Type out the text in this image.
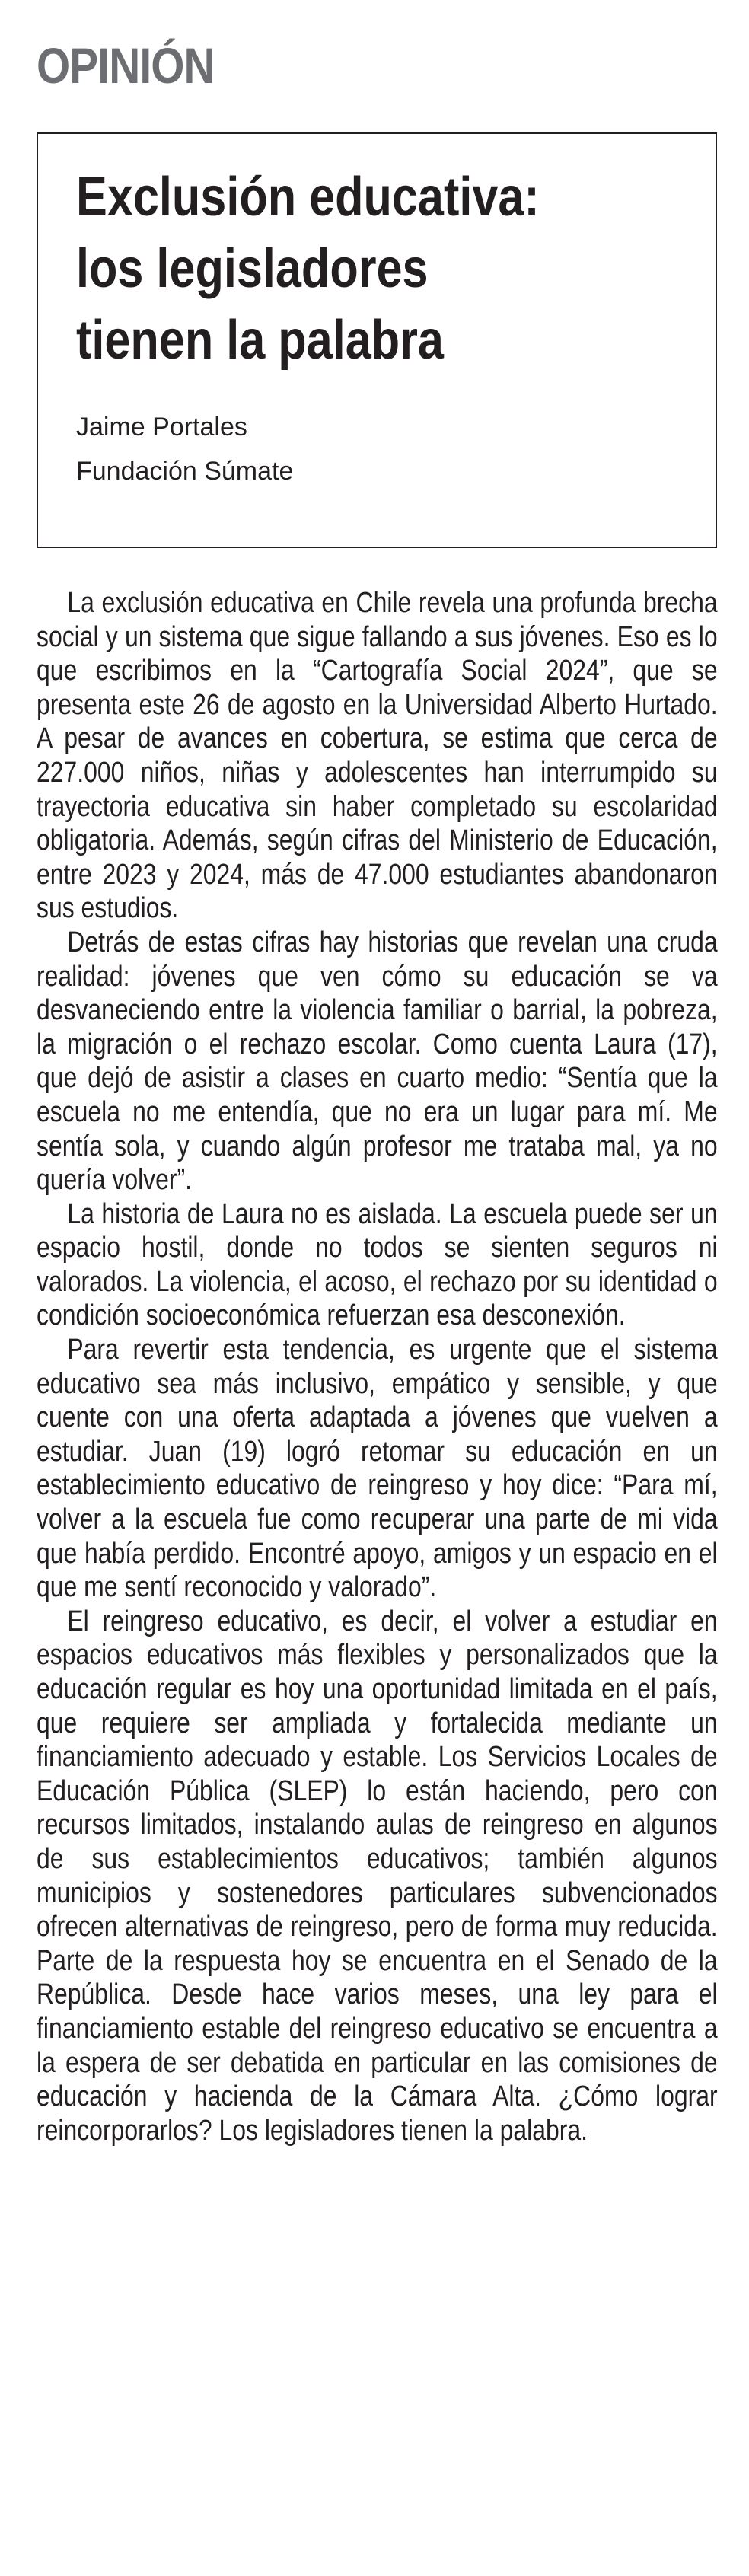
OPINIÓN
Exclusión educativa:
los legisladores
tienen la palabra
Jaime Portales
Fundación Súmate

La exclusión educativa en Chile revela una profunda brecha social y un sistema que sigue fallando a sus jóvenes. Eso es lo que escribimos en la “Cartografía Social 2024”, que se presenta este 26 de agosto en la Universidad Alberto Hurtado. A pesar de avances en cobertura, se estima que cerca de 227.000 niños, niñas y adolescentes han interrumpido su trayectoria educativa sin haber completado su escolaridad obligatoria. Además, según cifras del Ministerio de Educación, entre 2023 y 2024, más de 47.000 estudiantes abandonaron sus estudios.

Detrás de estas cifras hay historias que revelan una cruda realidad: jóvenes que ven cómo su educación se va desvaneciendo entre la violencia familiar o barrial, la pobreza, la migración o el rechazo escolar. Como cuenta Laura (17), que dejó de asistir a clases en cuarto medio: “Sentía que la escuela no me entendía, que no era un lugar para mí. Me sentía sola, y cuando algún profesor me trataba mal, ya no quería volver”.

La historia de Laura no es aislada. La escuela puede ser un espacio hostil, donde no todos se sienten seguros ni valorados. La violencia, el acoso, el rechazo por su identidad o condición socioeconómica refuerzan esa desconexión.

Para revertir esta tendencia, es urgente que el sistema educativo sea más inclusivo, empático y sensible, y que cuente con una oferta adaptada a jóvenes que vuelven a estudiar. Juan (19) logró retomar su educación en un establecimiento educativo de reingreso y hoy dice: “Para mí, volver a la escuela fue como recuperar una parte de mi vida que había perdido. Encontré apoyo, amigos y un espacio en el que me sentí reconocido y valorado”.

El reingreso educativo, es decir, el volver a estudiar en espacios educativos más flexibles y personalizados que la educación regular es hoy una oportunidad limitada en el país, que requiere ser ampliada y fortalecida mediante un financiamiento adecuado y estable. Los Servicios Locales de Educación Pública (SLEP) lo están haciendo, pero con recursos limitados, instalando aulas de reingreso en algunos de sus establecimientos educativos; también algunos municipios y sostenedores particulares subvencionados ofrecen alternativas de reingreso, pero de forma muy reducida. Parte de la respuesta hoy se encuentra en el Senado de la República. Desde hace varios meses, una ley para el financiamiento estable del reingreso educativo se encuentra a la espera de ser debatida en particular en las comisiones de educación y hacienda de la Cámara Alta. ¿Cómo lograr reincorporarlos? Los legisladores tienen la palabra.
